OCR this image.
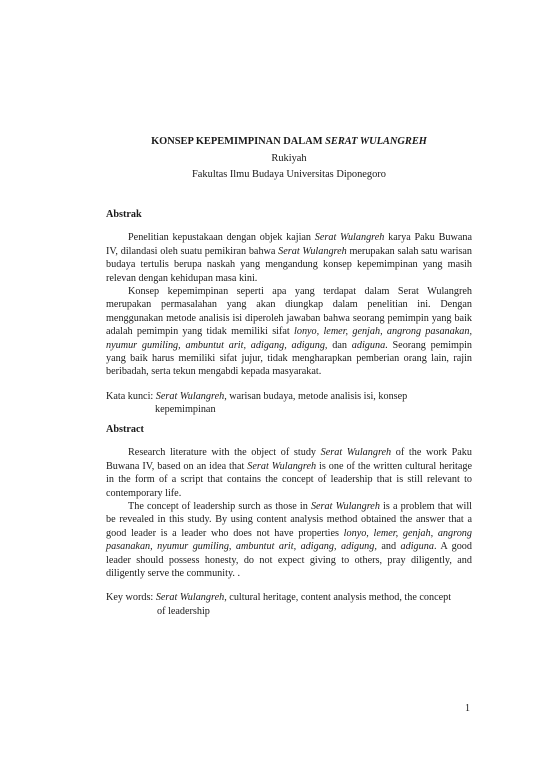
KONSEP KEPEMIMPINAN DALAM SERAT WULANGREH
Rukiyah
Fakultas Ilmu Budaya Universitas Diponegoro
Abstrak

Penelitian kepustakaan dengan objek kajian Serat Wulangreh karya Paku Buwana IV, dilandasi oleh suatu pemikiran bahwa Serat Wulangreh merupakan salah satu warisan budaya tertulis berupa naskah yang mengandung konsep kepemimpinan yang masih relevan dengan kehidupan masa kini.

Konsep kepemimpinan seperti apa yang terdapat dalam Serat Wulangreh merupakan permasalahan yang akan diungkap dalam penelitian ini. Dengan menggunakan metode analisis isi diperoleh jawaban bahwa seorang pemimpin yang baik adalah pemimpin yang tidak memiliki sifat lonyo, lemer, genjah, angrong pasanakan, nyumur gumiling, ambuntut arit, adigang, adigung, dan adiguna. Seorang pemimpin yang baik harus memiliki sifat jujur, tidak mengharapkan pemberian orang lain, rajin beribadah, serta tekun mengabdi kepada masyarakat.

Kata kunci: Serat Wulangreh, warisan budaya, metode analisis isi, konsep

kepemimpinan

Abstract

Research literature with the object of study Serat Wulangreh of the work Paku Buwana IV, based on an idea that Serat Wulangreh is one of the written cultural heritage in the form of a script that contains the concept of leadership that is still relevant to contemporary life.

The concept of leadership surch as those in Serat Wulangreh is a problem that will be revealed in this study. By using content analysis method obtained the answer that a good leader is a leader who does not have properties lonyo, lemer, genjah, angrong pasanakan, nyumur gumiling, ambuntut arit, adigang, adigung, and adiguna. A good leader should possess honesty, do not expect giving to others, pray diligently, and diligently serve the community. .

Key words: Serat Wulangreh, cultural heritage, content analysis method, the concept

of leadership

1
